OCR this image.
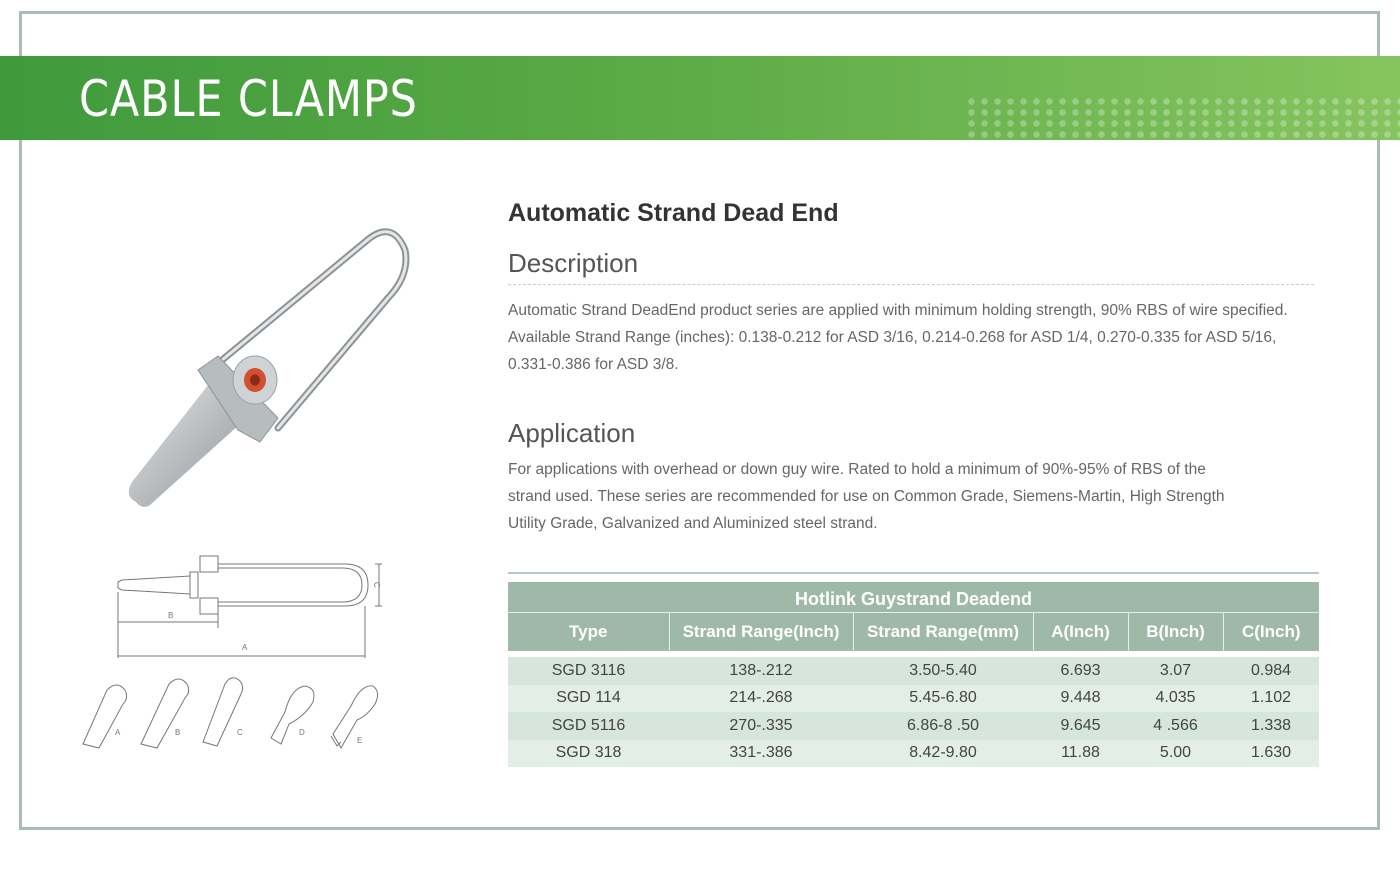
CABLE CLAMPS
A
B
C
A	B	C	D
E
Automatic Strand Dead End
Description
Automatic Strand DeadEnd product series are applied with minimum holding strength, 90% RBS of wire specified.
Available Strand Range (inches): 0.138-0.212 for ASD 3/16, 0.214-0.268 for ASD 1/4, 0.270-0.335 for ASD 5/16,
0.331-0.386 for ASD 3/8.
Application
For applications with overhead or down guy wire. Rated to hold a minimum of 90%-95% of RBS of the
strand used. These series are recommended for use on Common Grade, Siemens-Martin, High Strength
Utility Grade, Galvanized and Aluminized steel strand.
Hotlink Guystrand Deadend
Type	Strand Range(Inch)	Strand Range(mm)	A(Inch)	B(Inch)	C(Inch)

SGD 3116	138-.212	3.50-5.40	6.693	3.07	0.984
SGD 114	214-.268	5.45-6.80	9.448	4.035	1.102
SGD 5116	270-.335	6.86-8 .50	9.645	4 .566	1.338
SGD 318	331-.386	8.42-9.80	11.88	5.00	1.630
